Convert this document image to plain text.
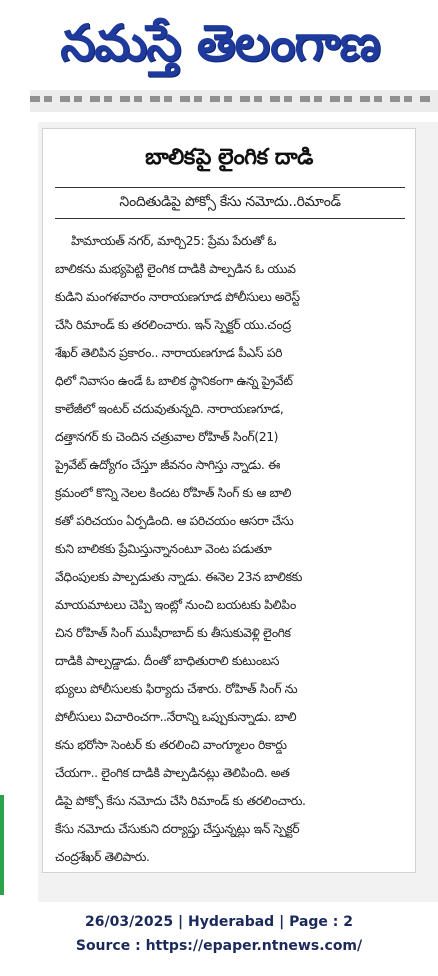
నమస్తే తెలంగాణ
బాలికపై లైంగిక దాడి
నిందితుడిపై పోక్సో కేసు నమోదు..రిమాండ్
హిమాయత్ నగర్, మార్చి25: ప్రేమ పేరుతో ఓ
బాలికను మభ్యపెట్టి లైంగిక దాడికి పాల్పడిన ఓ యువ
కుడిని మంగళవారం నారాయణగూడ పోలీసులు అరెస్ట్
చేసి రిమాండ్ కు తరలించారు. ఇన్ స్పెక్టర్ యు.చంద్ర
శేఖర్ తెలిపిన ప్రకారం.. నారాయణగూడ పీఎస్ పరి
ధిలో నివాసం ఉండే ఓ బాలిక స్థానికంగా ఉన్న ప్రైవేట్
కాలేజీలో ఇంటర్ చదువుతున్నది. నారాయణగూడ,
దత్తానగర్ కు చెందిన చత్రువాల రోహిత్ సింగ్(21)
ప్రైవేట్ ఉద్యోగం చేస్తూ జీవనం సాగిస్తు న్నాడు. ఈ
క్రమంలో కొన్ని నెలల కిందట రోహిత్ సింగ్ కు ఆ బాలి
కతో పరిచయం ఏర్పడింది. ఆ పరిచయం ఆసరా చేసు
కుని బాలికకు ప్రేమిస్తున్నానంటూ వెంట పడుతూ
వేధింపులకు పాల్పడుతు న్నాడు. ఈనెల 23న బాలికకు
మాయమాటలు చెప్పి ఇంట్లో నుంచి బయటకు పిలిపిం
చిన రోహిత్ సింగ్ ముషీరాబాద్ కు తీసుకువెళ్లి లైంగిక
దాడికి పాల్పడ్డాడు. దీంతో బాధితురాలి కుటుంబస
భ్యులు పోలీసులకు ఫిర్యాదు చేశారు. రోహిత్ సింగ్ ను
పోలీసులు విచారించగా..నేరాన్ని ఒప్పుకున్నాడు. బాలి
కను భరోసా సెంటర్ కు తరలించి వాంగ్మూలం రికార్డు
చేయగా.. లైంగిక దాడికి పాల్పడినట్లు తెలిపింది. అత
డిపై పోక్సో కేసు నమోదు చేసి రిమాండ్ కు తరలించారు.
కేసు నమోదు చేసుకుని దర్యాప్తు చేస్తున్నట్లు ఇన్ స్పెక్టర్
చంద్రశేఖర్ తెలిపారు.
26/03/2025 | Hyderabad | Page : 2
Source : https://epaper.ntnews.com/
